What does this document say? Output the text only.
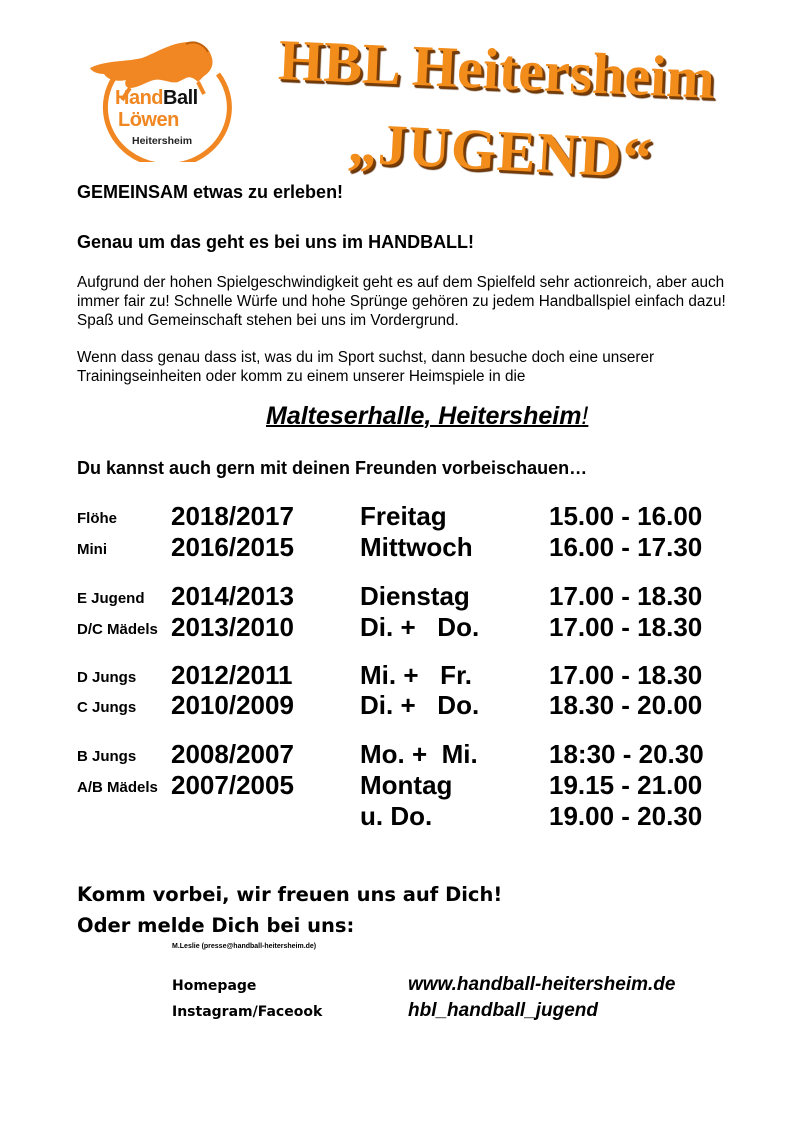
HandBall
Löwen
Heitersheim
HBL Heitersheim
„JUGEND“
GEMEINSAM etwas zu erleben!
Genau um das geht es bei uns im HANDBALL!
Aufgrund der hohen Spielgeschwindigkeit geht es auf dem Spielfeld sehr actionreich, aber auch immer fair zu! Schnelle Würfe und hohe Sprünge gehören zu jedem Handballspiel einfach dazu! Spaß und Gemeinschaft stehen bei uns im Vordergrund.
Wenn dass genau dass ist, was du im Sport suchst, dann besuche doch eine unserer Trainingseinheiten oder komm zu einem unserer Heimspiele in die
Malteserhalle, Heitersheim!
Du kannst auch gern mit deinen Freunden vorbeischauen…
Flöhe 2018/2017	Freitag	15.00 - 16.00
Mini 2016/2015	Mittwoch	16.00 - 17.30
E Jugend 2014/2013	Dienstag	17.00 - 18.30
D/C Mädels 2013/2010	Di. +   Do.	17.00 - 18.30
D Jungs 2012/2011	Mi. +   Fr.	17.00 - 18.30
C Jungs 2010/2009	Di. +   Do.	18.30 - 20.00
B Jungs 2008/2007	Mo. +  Mi.	18:30 - 20.30
A/B Mädels 2007/2005	Montag	19.15 - 21.00
u. Do.	19.00 - 20.30
Komm vorbei, wir freuen uns auf Dich!
Oder melde Dich bei uns:
M.Leslie (presse@handball-heitersheim.de)
Homepage	www.handball-heitersheim.de
Instagram/Faceook	hbl_handball_jugend
